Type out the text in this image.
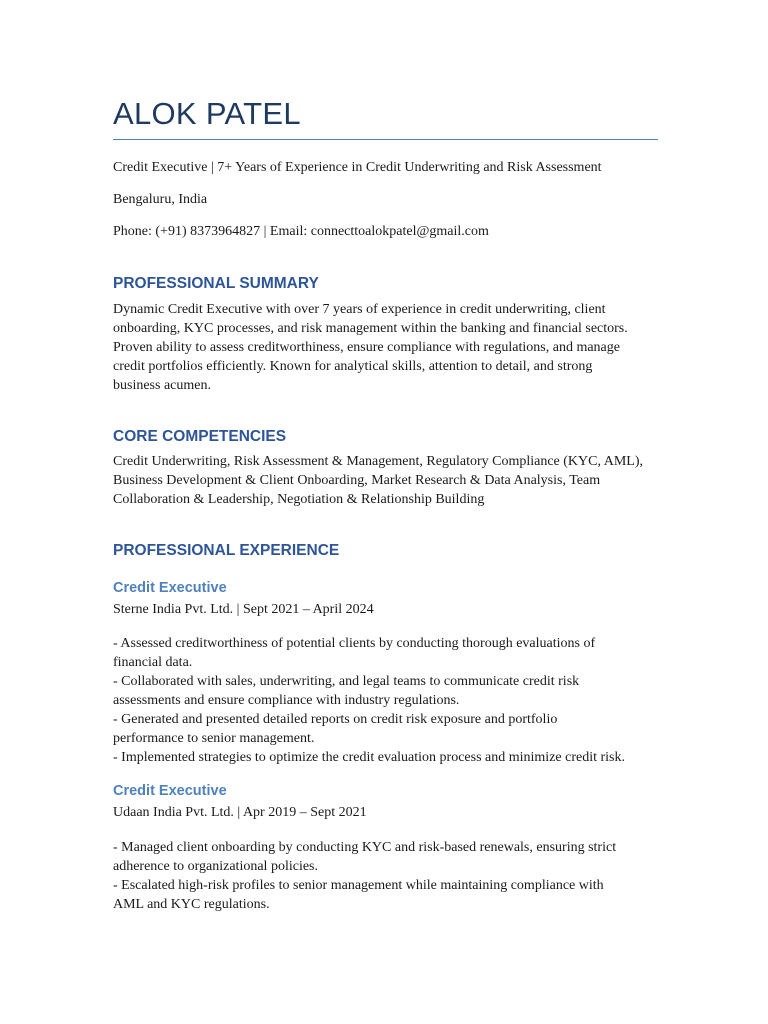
ALOK PATEL

Credit Executive | 7+ Years of Experience in Credit Underwriting and Risk Assessment

Bengaluru, India

Phone: (+91) 8373964827 | Email: connecttoalokpatel@gmail.com

PROFESSIONAL SUMMARY
Dynamic Credit Executive with over 7 years of experience in credit underwriting, client
onboarding, KYC processes, and risk management within the banking and financial sectors.
Proven ability to assess creditworthiness, ensure compliance with regulations, and manage
credit portfolios efficiently. Known for analytical skills, attention to detail, and strong
business acumen.
CORE COMPETENCIES
Credit Underwriting, Risk Assessment & Management, Regulatory Compliance (KYC, AML),
Business Development & Client Onboarding, Market Research & Data Analysis, Team
Collaboration & Leadership, Negotiation & Relationship Building
PROFESSIONAL EXPERIENCE
Credit Executive

Sterne India Pvt. Ltd. | Sept 2021 – April 2024

- Assessed creditworthiness of potential clients by conducting thorough evaluations of
financial data.
- Collaborated with sales, underwriting, and legal teams to communicate credit risk
assessments and ensure compliance with industry regulations.
- Generated and presented detailed reports on credit risk exposure and portfolio
performance to senior management.
- Implemented strategies to optimize the credit evaluation process and minimize credit risk.
Credit Executive

Udaan India Pvt. Ltd. | Apr 2019 – Sept 2021

- Managed client onboarding by conducting KYC and risk-based renewals, ensuring strict
adherence to organizational policies.
- Escalated high-risk profiles to senior management while maintaining compliance with
AML and KYC regulations.
